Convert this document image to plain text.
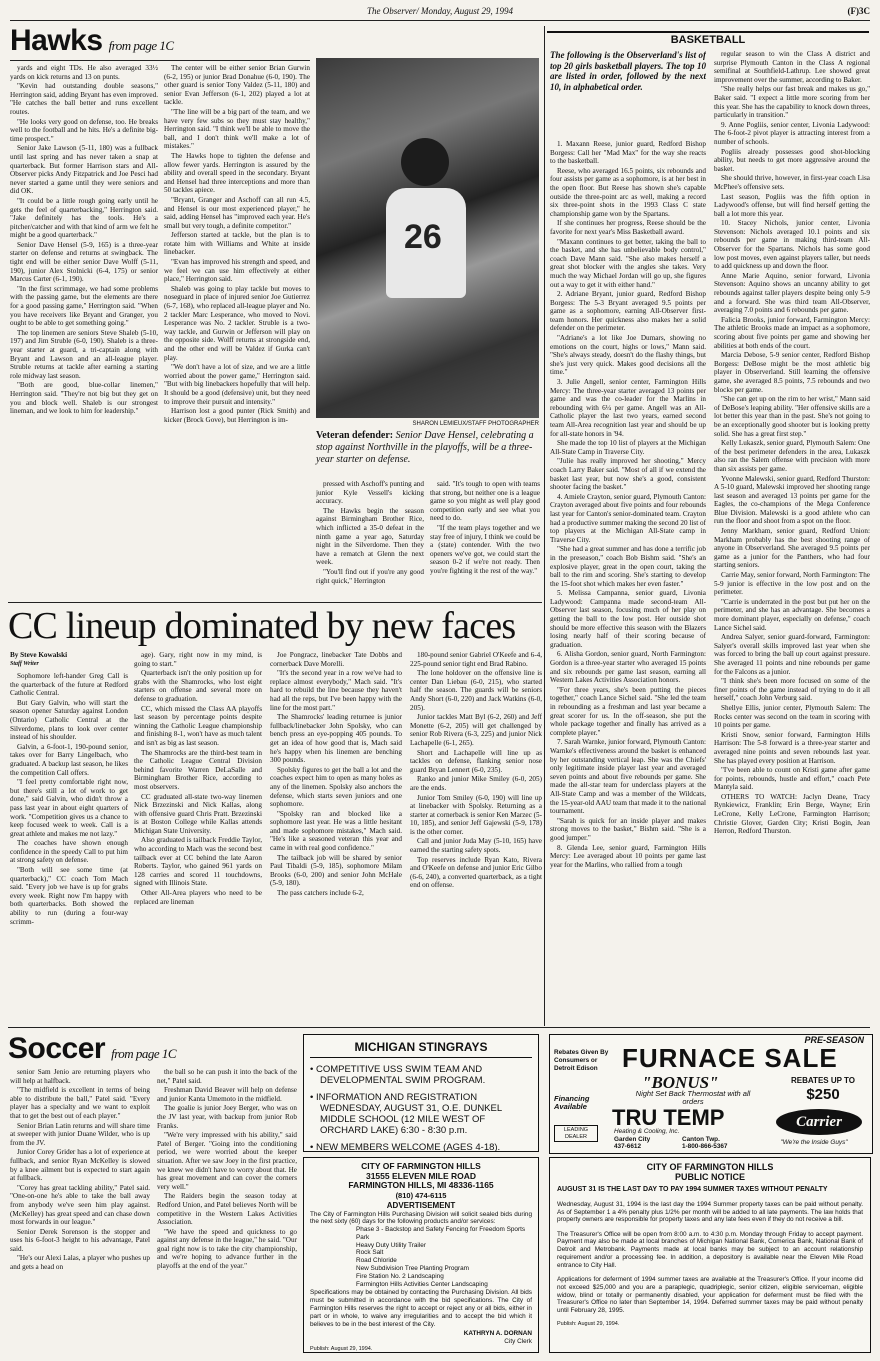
The Observer/ Monday, August 29, 1994	(F)3C
Hawks from page 1C

yards and eight TDs. He also averaged 33½ yards on kick returns and 13 on punts.

"Kevin had outstanding double seasons," Herrington said, adding Bryant has even improved. "He catches the ball better and runs excellent routes.

"He looks very good on defense, too. He breaks well to the football and he hits. He's a definite big-time prospect."

Senior Jake Lawson (5-11, 180) was a fullback until last spring and has never taken a snap at quarterback. But former Harrison stars and All-Observer picks Andy Fitzpatrick and Joe Pesci had never started a game until they were seniors and did OK.

"It could be a little rough going early until he gets the feel of quarterbacking," Herrington said. "Jake definitely has the tools. He's a pitcher/catcher and with that kind of arm we felt he might be a good quarterback."

Senior Dave Hensel (5-9, 165) is a three-year starter on defense and returns at swingback. The tight end will be either senior Dave Wolff (5-11, 190), junior Alex Stolnicki (6-4, 175) or senior Marcus Carter (6-1, 190).

"In the first scrimmage, we had some problems with the passing game, but the elements are there for a good passing game," Herrington said. "When you have receivers like Bryant and Granger, you ought to be able to get something going."

The top linemen are seniors Steve Shaleb (5-10, 197) and Jim Struble (6-0, 190). Shaleb is a three-year starter at guard, a tri-captain along with Bryant and Lawson and an all-league player. Struble returns at tackle after earning a starting role midway last season.

"Both are good, blue-collar linemen," Herrington said. "They're not big but they get on you and block well. Shaleb is our strongest lineman, and we look to him for leadership."

The center will be either senior Brian Gurwin (6-2, 195) or junior Brad Donahue (6-0, 190). The other guard is senior Tony Valdez (5-11, 180) and senior Evan Jefferson (6-1, 202) played a lot at tackle.

"The line will be a big part of the team, and we have very few subs so they must stay healthy," Herrington said. "I think we'll be able to move the ball, and I don't think we'll make a lot of mistakes."

The Hawks hope to tighten the defense and allow fewer yards. Herrington is assured by the ability and overall speed in the secondary. Bryant and Hensel had three interceptions and more than 50 tackles apiece.

"Bryant, Granger and Aschoff can all run 4.5, and Hensel is our most experienced player," he said, adding Hensel has "improved each year. He's small but very tough, a definite competitor."

Jefferson started at tackle, but the plan is to rotate him with Williams and White at inside linebacker.

"Evan has improved his strength and speed, and we feel we can use him effectively at either place," Herrington said.

Shaleb was going to play tackle but moves to noseguard in place of injured senior Joe Gutierrez (6-7, 168), who replaced all-league player and No. 2 tackler Marc Lesperance, who moved to Novi. Lesperance was No. 2 tackler. Struble is a two-way tackle, and Gurwin or Jefferson will play on the opposite side. Wolff returns at strongside end, and the other end will be Valdez if Gurka can't play.

"We don't have a lot of size, and we are a little worried about the power game," Herrington said. "But with big linebackers hopefully that will help. It should be a good (defensive) unit, but they need to improve their pursuit and intensity."

Harrison lost a good punter (Rick Smith) and kicker (Brock Gove), but Herrington is im-

26
SHARON LEMIEUX/STAFF PHOTOGRAPHER
Veteran defender: Senior Dave Hensel, celebrating a stop against Northville in the playoffs, will be a three-year starter on defense.

pressed with Aschoff's punting and junior Kyle Vessell's kicking accuracy.

The Hawks begin the season against Birmingham Brother Rice, which inflicted a 35-0 defeat in the ninth game a year ago, Saturday night in the Silverdome. Then they have a rematch at Glenn the next week.

"You'll find out if you're any good right quick," Herrington

said. "It's tough to open with teams that strong, but neither one is a league game so you might as well play good competition early and see what you need to do.

"If the team plays together and we stay free of injury, I think we could be a (state) contender. With the two openers we've got, we could start the season 0-2 if we're not ready. Then you're fighting it the rest of the way."

BASKETBALL
The following is the Observerland's list of top 20 girls basketball players. The top 10 are listed in order, followed by the next 10, in alphabetical order.

1. Maxann Reese, junior guard, Redford Bishop Borgess: Call her "Mad Max" for the way she reacts to the basketball.

Reese, who averaged 16.5 points, six rebounds and four assists per game as a sophomore, is at her best in the open floor. But Reese has shown she's capable outside the three-point arc as well, making a record six three-point shots in the 1993 Class C state championship game won by the Spartans.

If she continues her progress, Reese should be the favorite for next year's Miss Basketball award.

"Maxann continues to get better, taking the ball to the basket, and she has unbelievable body control," coach Dave Mann said. "She also makes herself a great shot blocker with the angles she takes. Very much the way Michael Jordan will go up, she figures out a way to get it with either hand."

2. Adriane Bryant, junior guard, Redford Bishop Borgess: The 5-3 Bryant averaged 9.5 points per game as a sophomore, earning All-Observer first-team honors. Her quickness also makes her a solid defender on the perimeter.

"Adriane's a lot like Joe Dumars, showing no emotions on the court, highs or lows," Mann said. "She's always steady, doesn't do the flashy things, but she's just very quick. Makes good decisions all the time."

3. Julie Angell, senior center, Farmington Hills Mercy: The three-year starter averaged 13 points per game and was the co-leader for the Marlins in rebounding with 6¼ per game. Angell was an All-Catholic player the last two years, earned second team All-Area recognition last year and should be up for all-state honors in '94.

She made the top 10 list of players at the Michigan All-State Camp in Traverse City.

"Julie has really improved her shooting," Mercy coach Larry Baker said. "Most of all if we extend the basket last year, but now she's a good, consistent shooter facing the basket."

4. Amiele Crayton, senior guard, Plymouth Canton: Crayton averaged about five points and four rebounds last year for Canton's senior-dominated team. Crayton had a productive summer making the second 20 list of top players at the Michigan All-State camp in Traverse City.

"She had a great summer and has done a terrific job in the preseason," coach Bob Bishm said. "She's an explosive player, great in the open court, taking the ball to the rim and scoring. She's starting to develop the 15-foot shot which makes her even faster."

5. Melissa Campanna, senior guard, Livonia Ladywood: Campanna made second-team All-Observer last season, focusing much of her play on getting the ball to the low post. Her outside shot should be more effective this season with the Blazers losing nearly half of their scoring because of graduation.

6. Alisha Gordon, senior guard, North Farmington: Gordon is a three-year starter who averaged 15 points and six rebounds per game last season, earning all Western Lakes Activities Association honors.

"For three years, she's been putting the pieces together," coach Lance Sichel said. "She led the team in rebounding as a freshman and last year became a great scorer for us. In the off-season, she put the whole package together and finally has arrived as a complete player."

7. Sarah Warnke, junior forward, Plymouth Canton: Warnke's effectiveness around the basket is enhanced by her outstanding vertical leap. She was the Chiefs' only legitimate inside player last year and averaged seven points and about five rebounds per game. She made the all-star team for underclass players at the All-State Camp and was a member of the Wildcats, the 15-year-old AAU team that made it to the national tournament.

"Sarah is quick for an inside player and makes strong moves to the basket," Bishm said. "She is a good jumper."

8. Glenda Lee, senior guard, Farmington Hills Mercy: Lee averaged about 10 points per game last year for the Marlins, who rallied from a tough

regular season to win the Class A district and surprise Plymouth Canton in the Class A regional semifinal at Southfield-Lathrup. Lee showed great improvement over the summer, according to Baker.

"She really helps our fast break and makes us go," Baker said. "I expect a little more scoring from her this year. She has the capability to knock down threes, particularly in transition."

9. Anne Pogliis, senior center, Livonia Ladywood: The 6-foot-2 pivot player is attracting interest from a number of schools.

Pogliis already possesses good shot-blocking ability, but needs to get more aggressive around the basket.

She should thrive, however, in first-year coach Lisa McPhee's offensive sets.

Last season, Pogliis was the fifth option in Ladywood's offense, but will find herself getting the ball a lot more this year.

10. Stacey Nichols, junior center, Livonia Stevenson: Nichols averaged 10.1 points and six rebounds per game in making third-team All-Observer for the Spartans. Nichols has some good low post moves, even against players taller, but needs to add quickness up and down the floor.

Anne Marie Aquino, senior forward, Livonia Stevenson: Aquino shows an uncanny ability to get rebounds against taller players despite being only 5-9 and a forward. She was third team All-Observer, averaging 7.0 points and 6 rebounds per game.

Falicia Brooks, junior forward, Farmington Mercy: The athletic Brooks made an impact as a sophomore, scoring about five points per game and showing her abilities at both ends of the court.

Marcia Debose, 5-9 senior center, Redford Bishop Borgess: DeBose might be the most athletic big player in Observerland. Still learning the offensive game, she averaged 8.5 points, 7.5 rebounds and two blocks per game.

"She can get up on the rim to her wrist," Mann said of DeBose's leaping ability. "Her offensive skills are a lot better this year than in the past. She's not going to be an exceptionally good shooter but is looking pretty solid. She has a great first step."

Kelly Lukaszk, senior guard, Plymouth Salem: One of the best perimeter defenders in the area, Lukaszk also ran the Salem offense with precision with more than six assists per game.

Yvonne Malewski, senior guard, Redford Thurston: A 5-10 guard, Malewski improved her shooting range last season and averaged 13 points per game for the Eagles, the co-champions of the Mega Conference Blue Division. Malewski is a good athlete who can run the floor and shoot from a spot on the floor.

Jenny Markham, senior guard, Redford Union: Markham probably has the best shooting range of anyone in Observerland. She averaged 9.5 points per game as a junior for the Panthers, who had four starting seniors.

Carrie May, senior forward, North Farmington: The 5-9 junior is effective in the low post and on the perimeter.

"Carrie is underrated in the post but put her on the perimeter, and she has an advantage. She becomes a more dominant player, especially on defense," coach Lance Sichel said.

Andrea Salyer, senior guard-forward, Farmington: Salyer's overall skills improved last year when she was forced to bring the ball up court against pressure. She averaged 11 points and nine rebounds per game for the Falcons as a junior.

"I think she's been more focused on some of the finer points of the game instead of trying to do it all herself," coach John Verburg said.

Shellye Ellis, junior center, Plymouth Salem: The Rocks center was second on the team in scoring with 10 points per game.

Kristi Snow, senior forward, Farmington Hills Harrison: The 5-8 forward is a three-year starter and averaged nine points and seven rebounds last year. She has played every position at Harrison.

"I've been able to count on Kristi game after game for points, rebounds, hustle and effort," coach Pete Mantyla said.

OTHERS TO WATCH: Jaclyn Deane, Tracy Rynkiewicz, Franklin; Erin Berge, Wayne; Erin LeCrone, Kelly LeCrone, Farmington Harrison; Christie Glover, Garden City; Kristi Bogin, Jean Herron, Redford Thurston.

CC lineup dominated by new faces
By Steve Kowalski
Staff Writer

Sophomore left-hander Greg Call is the quarterback of the future at Redford Catholic Central.

But Gary Galvin, who will start the season opener Saturday against London (Ontario) Catholic Central at the Silverdome, plans to look over center instead of his shoulder.

Galvin, a 6-foot-1, 190-pound senior, takes over for Barry Lingelbach, who graduated. A backup last season, he likes the competition Call offers.

"I feel pretty comfortable right now, but there's still a lot of work to get done," said Galvin, who didn't throw a pass last year in about eight quarters of work. "Competition gives us a chance to keep focused week to week. Call is a great athlete and makes me not lazy."

The coaches have shown enough confidence in the speedy Call to put him at strong safety on defense.

"Both will see some time (at quarterback)," CC coach Tom Mach said. "Every job we have is up for grabs every week. Right now I'm happy with both quarterbacks. Both showed the ability to run (during a four-way scrimm-

age). Gary, right now in my mind, is going to start."

Quarterback isn't the only position up for grabs with the Shamrocks, who lost eight starters on offense and several more on defense to graduation.

CC, which missed the Class AA playoffs last season by percentage points despite winning the Catholic League championship and finishing 8-1, won't have as much talent and isn't as big as last season.

The Shamrocks are the third-best team in the Catholic League Central Division behind favorite Warren DeLaSalle and Birmingham Brother Rice, according to most observers.

CC graduated all-state two-way linemen Nick Brzezinski and Nick Kallas, along with offensive guard Chris Pratt. Brzezinski is at Boston College while Kallas attends Michigan State University.

Also graduated is tailback Freddie Taylor, who according to Mach was the second best tailback ever at CC behind the late Aaron Roberts. Taylor, who gained 961 yards on 128 carries and scored 11 touchdowns, signed with Illinois State.

Other All-Area players who need to be replaced are lineman

Joe Pongracz, linebacker Tate Dobbs and cornerback Dave Morelli.

"It's the second year in a row we've had to replace almost everybody," Mach said. "It's hard to rebuild the line because they haven't had all the reps, but I've been happy with the line for the most part."

The Shamrocks' leading returnee is junior fullback/linebacker John Spolsky, who can bench press an eye-popping 405 pounds. To get an idea of how good that is, Mach said he's happy when his linemen are benching 300 pounds.

Spolsky figures to get the ball a lot and the coaches expect him to open as many holes as any of the linemen. Spolsky also anchors the defense, which starts seven juniors and one sophomore.

"Spolsky ran and blocked like a sophomore last year. He was a little hesitant and made sophomore mistakes," Mach said. "He's like a seasoned veteran this year and came in with real good confidence."

The tailback job will be shared by senior Paul Tibaldi (5-9, 185), sophomore Milam Brooks (6-0, 200) and senior John McHale (5-9, 180).

The pass catchers include 6-2,

180-pound senior Gabriel O'Keefe and 6-4, 225-pound senior tight end Brad Rabino.

The lone holdover on the offensive line is center Dan Liebau (6-0, 215), who started half the season. The guards will be seniors Andy Short (6-0, 220) and Jack Watkins (6-0, 205).

Junior tackles Matt Byl (6-2, 260) and Jeff Monette (6-2, 205) will get challenged by senior Rob Rivera (6-3, 225) and junior Nick Lachapelle (6-1, 265).

Short and Lachapelle will line up as tackles on defense, flanking senior nose guard Bryan Lennert (6-0, 235).

Ranko and junior Mike Smiley (6-0, 205) are the ends.

Junior Tom Smiley (6-0, 190) will line up at linebacker with Spolsky. Returning as a starter at cornerback is senior Ken Marzec (5-10, 185), and senior Jeff Gajewski (5-9, 178) is the other corner.

Call and junior Juda May (5-10, 165) have earned the starting safety spots.

Top reserves include Ryan Kato, Rivera and O'Keefe on defense and junior Eric Gilbo (6-6, 240), a converted quarterback, as a tight end on offense.

Soccer from page 1C

senior Sam Jenio are returning players who will help at halfback.

"The midfield is excellent in terms of being able to distribute the ball," Patel said. "Every player has a specialty and we want to exploit that to get the best out of each player."

Senior Brian Latin returns and will share time at sweeper with junior Duane Wilder, who is up from the JV.

Junior Corey Grider has a lot of experience at fullback, and senior Ryan McKelley is slowed by a knee ailment but is expected to start again at fullback.

"Corey has great tackling ability," Patel said. "One-on-one he's able to take the ball away from anybody we've seen him play against. (McKelley) has great speed and can chase down most forwards in our league."

Senior Derek Sorenson is the stopper and uses his 6-foot-3 height to his advantage, Patel said.

"He's our Alexi Lalas, a player who pushes up and gets a head on

the ball so he can push it into the back of the net," Patel said.

Freshman David Beaver will help on defense and junior Kanta Umemoto in the midfield.

The goalie is junior Joey Berger, who was on the JV last year, with backup from junior Rob Franks.

"We're very impressed with his ability," said Patel of Berger. "Going into the conditioning period, we were worried about the keeper situation. After we saw Joey in the first practice, we knew we didn't have to worry about that. He has great movement and can cover the corners very well."

The Raiders begin the season today at Redford Union, and Patel believes North will be competitive in the Western Lakes Activities Association.

"We have the speed and quickness to go against any defense in the league," he said. "Our goal right now is to take the city championship, and we're hoping to advance further in the playoffs at the end of the year."

MICHIGAN STINGRAYS
• COMPETITIVE USS SWIM TEAM AND DEVELOPMENTAL SWIM PROGRAM.
• INFORMATION AND REGISTRATION WEDNESDAY, AUGUST 31, O.E. DUNKEL MIDDLE SCHOOL (12 MILE WEST OF ORCHARD LAKE) 6:30 - 8:30 p.m.
• NEW MEMBERS WELCOME (AGES 4-18).
PRE-SEASON
FURNACE SALE
Rebates Given By Consumers or Detroit Edison
Financing Available
LEADING DEALER
"BONUS"
Night Set Back Thermostat with all orders
REBATES UP TO
$250
TRU TEMP
Heating & Cooling, Inc.
Garden City
437-6612
Canton Twp.
1-800-866-5367
Carrier
"We're the Inside Guys"
CITY OF FARMINGTON HILLS
31555 ELEVEN MILE ROAD
FARMINGTON HILLS, MI 48336-1165
(810) 474-6115
ADVERTISEMENT
The City of Farmington Hills Purchasing Division will solicit sealed bids during the next sixty (60) days for the following products and/or services:
Phase 3 - Backstop and Safety Fencing for Freedom Sports Park
Heavy Duty Utility Trailer
Rock Salt
Road Chloride
New Subdivision Tree Planting Program
Fire Station No. 2 Landscaping
Farmington Hills Activities Center Landscaping
Specifications may be obtained by contacting the Purchasing Division. All bids must be submitted in accordance with the bid specifications. The City of Farmington Hills reserves the right to accept or reject any or all bids, either in part or in whole, to waive any irregularities and to accept the bid which it believes to be in the best interest of the City.
KATHRYN A. DORNAN
City Clerk
Publish: August 29, 1994.
CITY OF FARMINGTON HILLS
PUBLIC NOTICE
AUGUST 31 IS THE LAST DAY TO PAY 1994 SUMMER TAXES WITHOUT PENALTY

Wednesday, August 31, 1994 is the last day the 1994 Summer property taxes can be paid without penalty. As of September 1 a 4% penalty plus 1/2% per month will be added to all late payments. The law holds that property owners are responsible for property taxes and any late fees even if they do not receive a bill.

The Treasurer's Office will be open from 8:00 a.m. to 4:30 p.m. Monday through Friday to accept payment. Payment may also be made at local branches of Michigan National Bank, Comerica Bank, National Bank of Detroit and Metrobank. Payments made at local banks may be subject to an account relationship requirement and/or a processing fee. In addition, a depository is available near the Eleven Mile Road entrance to City Hall.

Applications for deferment of 1994 summer taxes are available at the Treasurer's Office. If your income did not exceed $25,000 and you are a paraplegic, quadriplegic, senior citizen, eligible serviceman, eligible widow, blind or totally or permanently disabled, your application for deferment must be filed with the Treasurer's Office no later than September 14, 1994. Deferred summer taxes may be paid without penalty until February 28, 1995.

Publish: August 29, 1994.
